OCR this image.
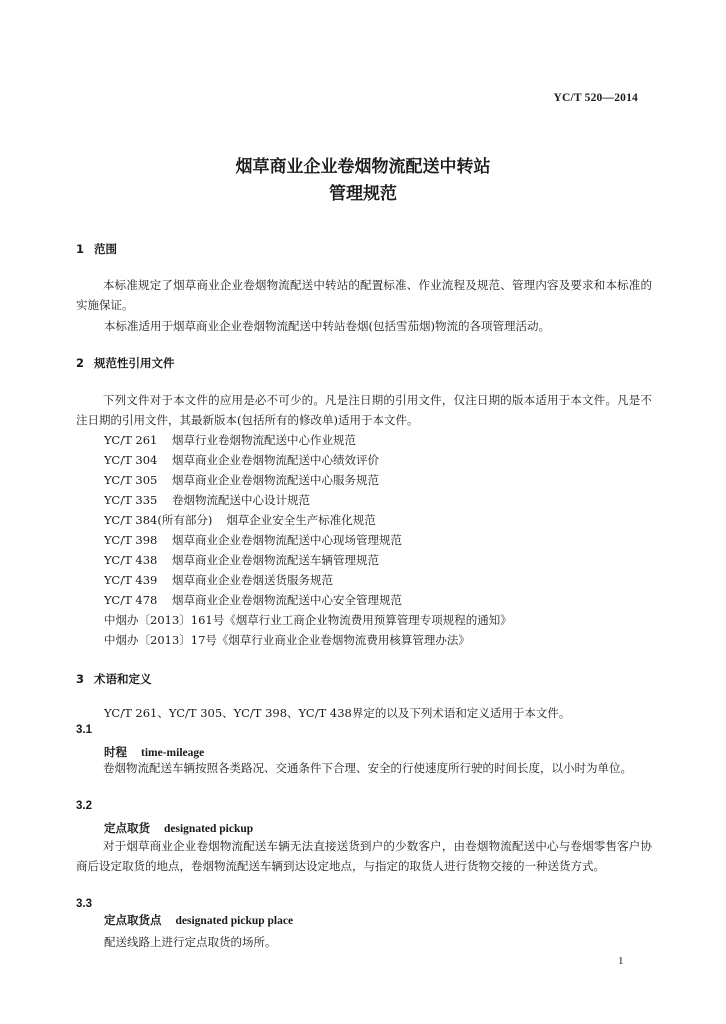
YC/T 520—2014
烟草商业企业卷烟物流配送中转站
管理规范
1 范围
本标准规定了烟草商业企业卷烟物流配送中转站的配置标准、作业流程及规范、管理内容及要求和本标准的实施保证。
本标准适用于烟草商业企业卷烟物流配送中转站卷烟(包括雪茄烟)物流的各项管理活动。
2 规范性引用文件
下列文件对于本文件的应用是必不可少的。凡是注日期的引用文件，仅注日期的版本适用于本文件。凡是不注日期的引用文件，其最新版本(包括所有的修改单)适用于本文件。
YC/T 261 烟草行业卷烟物流配送中心作业规范
YC/T 304 烟草商业企业卷烟物流配送中心绩效评价
YC/T 305 烟草商业企业卷烟物流配送中心服务规范
YC/T 335 卷烟物流配送中心设计规范
YC/T 384(所有部分) 烟草企业安全生产标准化规范
YC/T 398 烟草商业企业卷烟物流配送中心现场管理规范
YC/T 438 烟草商业企业卷烟物流配送车辆管理规范
YC/T 439 烟草商业企业卷烟送货服务规范
YC/T 478 烟草商业企业卷烟物流配送中心安全管理规范
中烟办〔2013〕161号《烟草行业工商企业物流费用预算管理专项规程的通知》
中烟办〔2013〕17号《烟草行业商业企业卷烟物流费用核算管理办法》
3 术语和定义
YC/T 261、YC/T 305、YC/T 398、YC/T 438界定的以及下列术语和定义适用于本文件。
3.1
时程 time-mileage
卷烟物流配送车辆按照各类路况、交通条件下合理、安全的行使速度所行驶的时间长度，以小时为单位。
3.2
定点取货 designated pickup
对于烟草商业企业卷烟物流配送车辆无法直接送货到户的少数客户，由卷烟物流配送中心与卷烟零售客户协商后设定取货的地点，卷烟物流配送车辆到达设定地点，与指定的取货人进行货物交接的一种送货方式。
3.3
定点取货点 designated pickup place
配送线路上进行定点取货的场所。
1
